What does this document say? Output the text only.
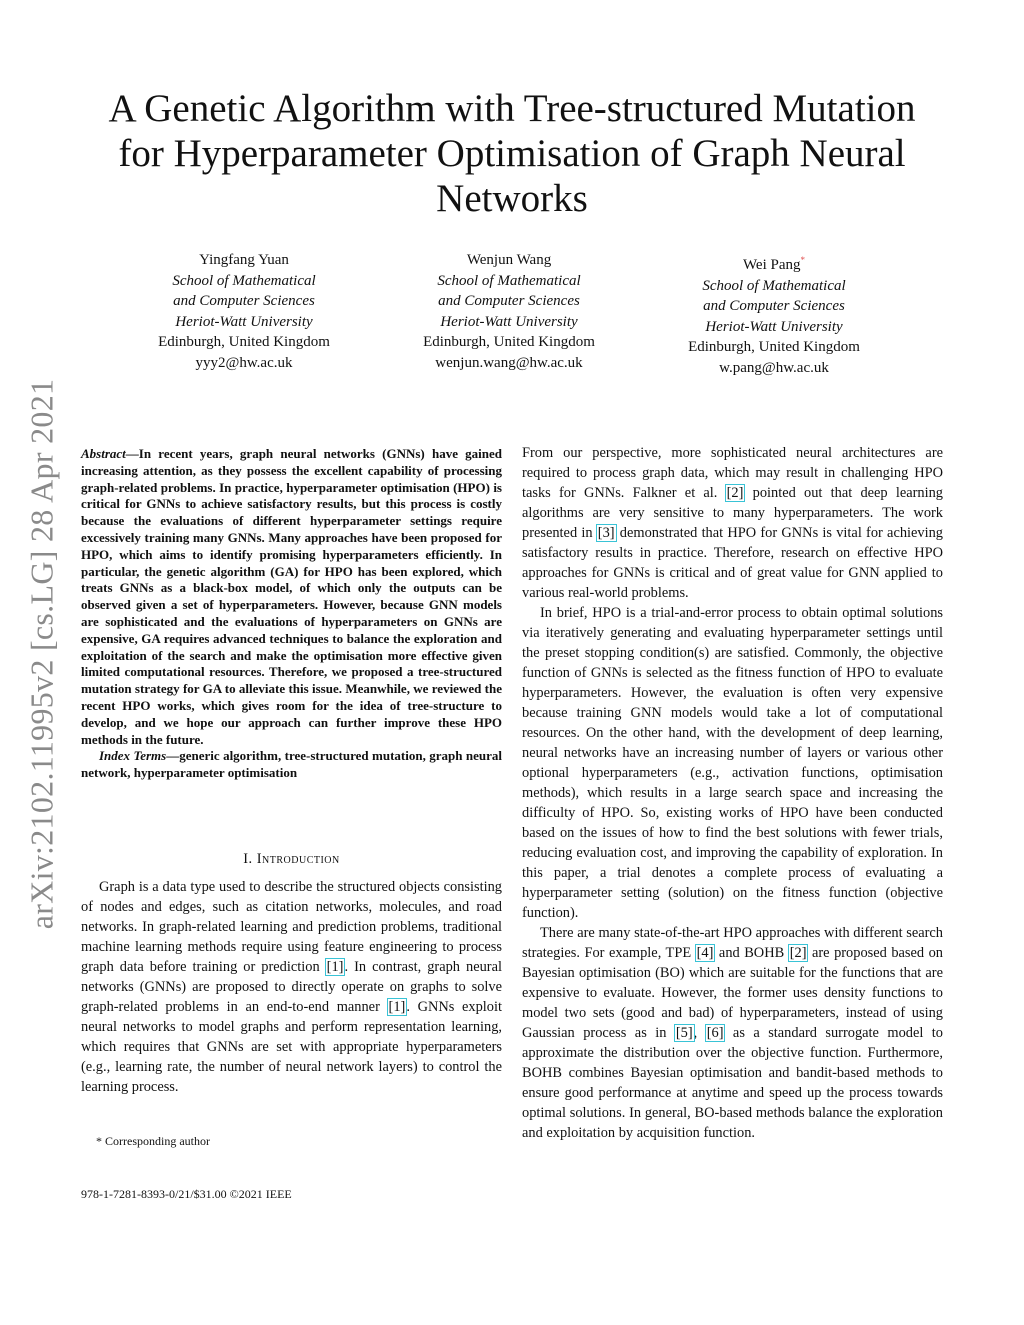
arXiv:2102.11995v2 [cs.LG] 28 Apr 2021
A Genetic Algorithm with Tree-structured Mutation
for Hyperparameter Optimisation of Graph Neural
Networks
Yingfang Yuan
School of Mathematical
and Computer Sciences
Heriot-Watt University
Edinburgh, United Kingdom
yyy2@hw.ac.uk
Wenjun Wang
School of Mathematical
and Computer Sciences
Heriot-Watt University
Edinburgh, United Kingdom
wenjun.wang@hw.ac.uk
Wei Pang*
School of Mathematical
and Computer Sciences
Heriot-Watt University
Edinburgh, United Kingdom
w.pang@hw.ac.uk

Abstract—In recent years, graph neural networks (GNNs) have gained increasing attention, as they possess the excellent capability of processing graph-related problems. In practice, hyperparameter optimisation (HPO) is critical for GNNs to achieve satisfactory results, but this process is costly because the evaluations of different hyperparameter settings require excessively training many GNNs. Many approaches have been proposed for HPO, which aims to identify promising hyperparameters efficiently. In particular, the genetic algorithm (GA) for HPO has been explored, which treats GNNs as a black-box model, of which only the outputs can be observed given a set of hyperparameters. However, because GNN models are sophisticated and the evaluations of hyperparameters on GNNs are expensive, GA requires advanced techniques to balance the exploration and exploitation of the search and make the optimisation more effective given limited computational resources. Therefore, we proposed a tree-structured mutation strategy for GA to alleviate this issue. Meanwhile, we reviewed the recent HPO works, which gives room for the idea of tree-structure to develop, and we hope our approach can further improve these HPO methods in the future.

Index Terms—generic algorithm, tree-structured mutation, graph neural network, hyperparameter optimisation

I. Introduction

Graph is a data type used to describe the structured objects consisting of nodes and edges, such as citation networks, molecules, and road networks. In graph-related learning and prediction problems, traditional machine learning methods require using feature engineering to process graph data before training or prediction [1]. In contrast, graph neural networks (GNNs) are proposed to directly operate on graphs to solve graph-related problems in an end-to-end manner [1]. GNNs exploit neural networks to model graphs and perform representation learning, which requires that GNNs are set with appropriate hyperparameters (e.g., learning rate, the number of neural network layers) to control the learning process.

* Corresponding author
978-1-7281-8393-0/21/$31.00 ©2021 IEEE

From our perspective, more sophisticated neural architectures are required to process graph data, which may result in challenging HPO tasks for GNNs. Falkner et al. [2] pointed out that deep learning algorithms are very sensitive to many hyperparameters. The work presented in [3] demonstrated that HPO for GNNs is vital for achieving satisfactory results in practice. Therefore, research on effective HPO approaches for GNNs is critical and of great value for GNN applied to various real-world problems.

In brief, HPO is a trial-and-error process to obtain optimal solutions via iteratively generating and evaluating hyperparameter settings until the preset stopping condition(s) are satisfied. Commonly, the objective function of GNNs is selected as the fitness function of HPO to evaluate hyperparameters. However, the evaluation is often very expensive because training GNN models would take a lot of computational resources. On the other hand, with the development of deep learning, neural networks have an increasing number of layers or various other optional hyperparameters (e.g., activation functions, optimisation methods), which results in a large search space and increasing the difficulty of HPO. So, existing works of HPO have been conducted based on the issues of how to find the best solutions with fewer trials, reducing evaluation cost, and improving the capability of exploration. In this paper, a trial denotes a complete process of evaluating a hyperparameter setting (solution) on the fitness function (objective function).

There are many state-of-the-art HPO approaches with different search strategies. For example, TPE [4] and BOHB [2] are proposed based on Bayesian optimisation (BO) which are suitable for the functions that are expensive to evaluate. However, the former uses density functions to model two sets (good and bad) of hyperparameters, instead of using Gaussian process as in [5], [6] as a standard surrogate model to approximate the distribution over the objective function. Furthermore, BOHB combines Bayesian optimisation and bandit-based methods to ensure good performance at anytime and speed up the process towards optimal solutions. In general, BO-based methods balance the exploration and exploitation by acquisition function.
